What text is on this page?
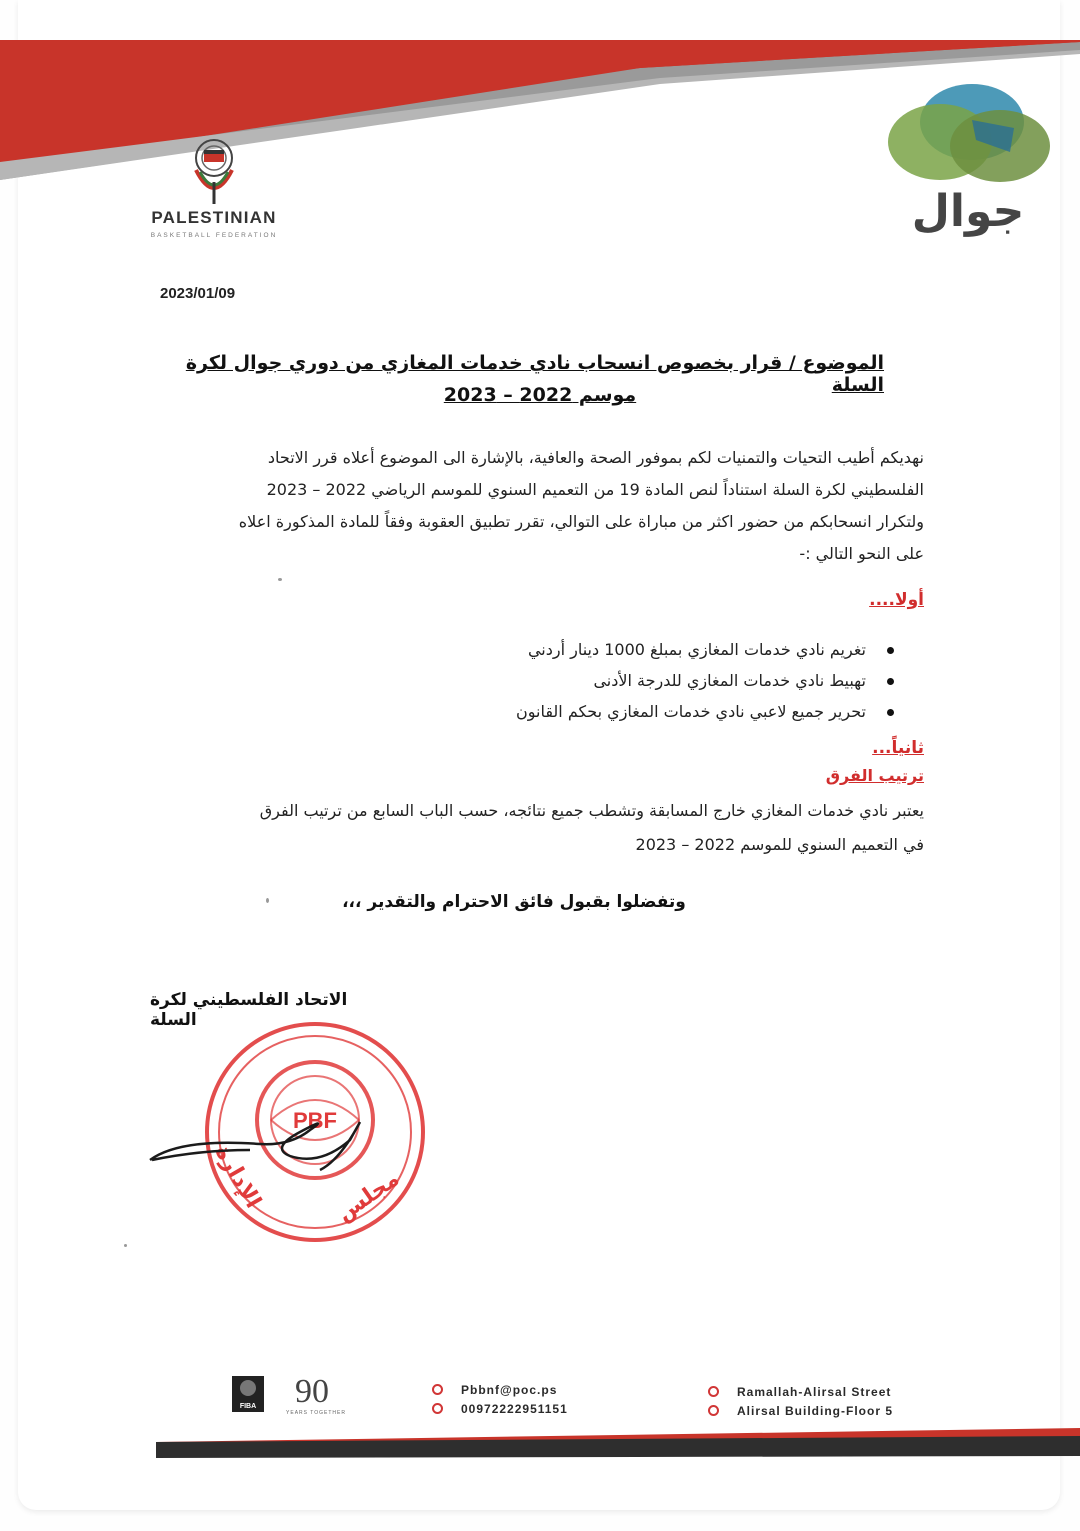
PALESTINIAN
BASKETBALL FEDERATION	جوال
2023/01/09
الموضوع / قرار بخصوص انسحاب نادي خدمات المغازي من دوري جوال لكرة السلة
موسم 2022 – 2023
نهديكم أطيب التحيات والتمنيات لكم بموفور الصحة والعافية، بالإشارة الى الموضوع أعلاه قرر الاتحاد
الفلسطيني لكرة السلة استناداً لنص المادة 19 من التعميم السنوي للموسم الرياضي 2022 – 2023
ولتكرار انسحابكم من حضور اكثر من مباراة على التوالي، تقرر تطبيق العقوبة وفقاً للمادة المذكورة اعلاه
على النحو التالي :-
أولا....
تغريم نادي خدمات المغازي بمبلغ 1000 دينار أردني
تهبيط نادي خدمات المغازي للدرجة الأدنى
تحرير جميع لاعبي نادي خدمات المغازي بحكم القانون
ثانياً...
ترتيب الفرق
يعتبر نادي خدمات المغازي خارج المسابقة وتشطب جميع نتائجه، حسب الباب السابع من ترتيب الفرق
في التعميم السنوي للموسم 2022 – 2023
وتفضلوا بقبول فائق الاحترام والتقدير ،،،
الاتحاد الفلسطيني لكرة السلة
PBF
مجلس
الإدارة
FIBA 90
YEARS TOGETHER
Pbbnf@poc.ps
00972222951151
Ramallah-Alirsal Street
Alirsal Building-Floor 5
